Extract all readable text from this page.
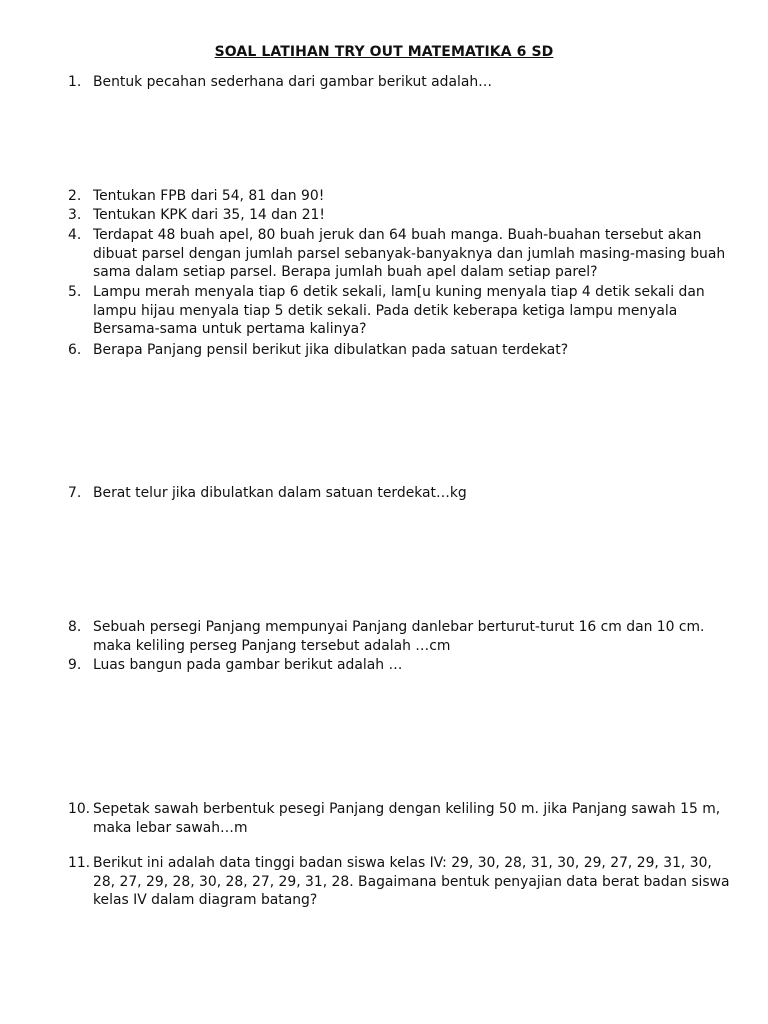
SOAL LATIHAN TRY OUT MATEMATIKA 6 SD
1. Bentuk pecahan sederhana dari gambar berikut adalah…
2. Tentukan FPB dari 54, 81 dan 90!
3. Tentukan KPK dari 35, 14 dan 21!
4. Terdapat 48 buah apel, 80 buah jeruk dan 64 buah manga. Buah-buahan tersebut akan dibuat parsel dengan jumlah parsel sebanyak-banyaknya dan jumlah masing-masing buah sama dalam setiap parsel. Berapa jumlah buah apel dalam setiap parel?
5. Lampu merah menyala tiap 6 detik sekali, lam[u kuning menyala tiap 4 detik sekali dan lampu hijau menyala tiap 5 detik sekali. Pada detik keberapa ketiga lampu menyala Bersama-sama untuk pertama kalinya?
6. Berapa Panjang pensil berikut jika dibulatkan pada satuan terdekat?
7. Berat telur jika dibulatkan dalam satuan terdekat…kg
8. Sebuah persegi Panjang mempunyai Panjang danlebar berturut-turut 16 cm dan 10 cm. maka keliling perseg Panjang tersebut adalah …cm
9. Luas bangun pada gambar berikut adalah …
10. Sepetak sawah berbentuk pesegi Panjang dengan keliling 50 m. jika Panjang sawah 15 m, maka lebar sawah…m
11. Berikut ini adalah data tinggi badan siswa kelas IV: 29, 30, 28, 31, 30, 29, 27, 29, 31, 30, 28, 27, 29, 28, 30, 28, 27, 29, 31, 28. Bagaimana bentuk penyajian data berat badan siswa kelas IV dalam diagram batang?
